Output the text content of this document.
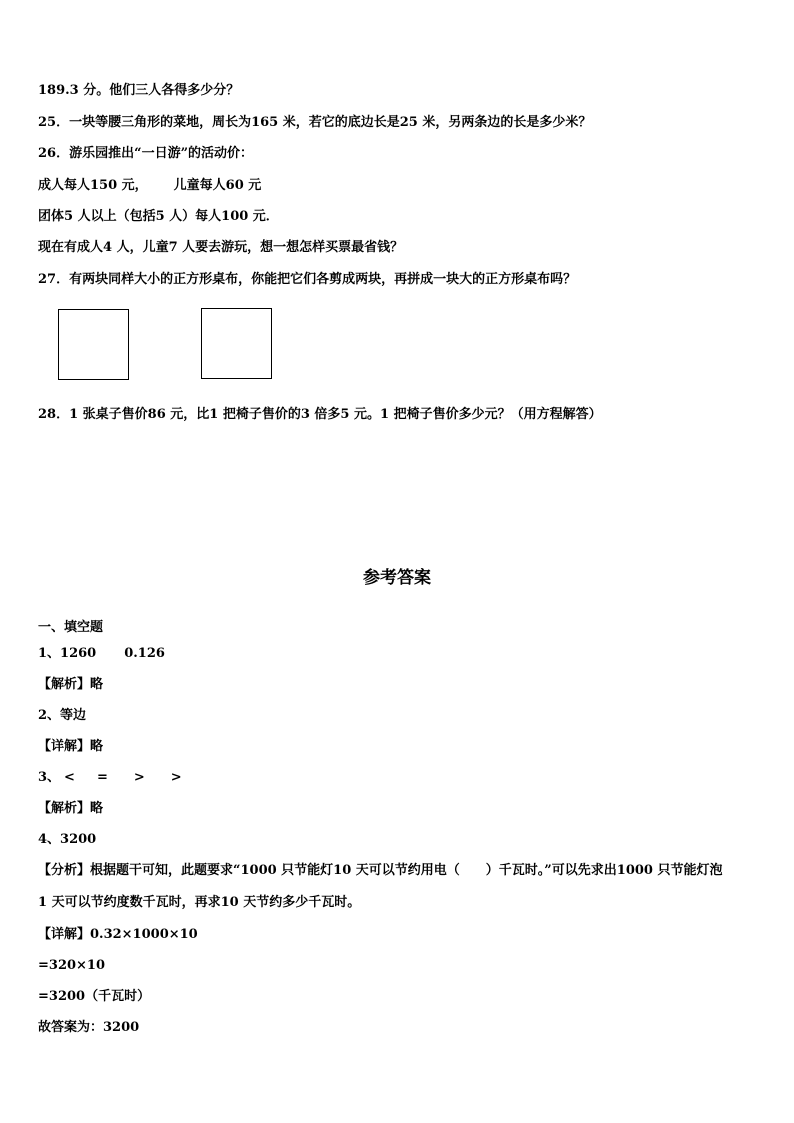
189.3 分。他们三人各得多少分？
25．一块等腰三角形的菜地，周长为165 米，若它的底边长是25 米，另两条边的长是多少米？
26．游乐园推出“一日游”的活动价：
成人每人150 元， 儿童每人60 元
团体5 人以上（包括5 人）每人100 元．
现在有成人4 人，儿童7 人要去游玩，想一想怎样买票最省钱？
27．有两块同样大小的正方形桌布，你能把它们各剪成两块，再拼成一块大的正方形桌布吗？
28．1 张桌子售价86 元，比1 把椅子售价的3 倍多5 元。1 把椅子售价多少元？（用方程解答）
参考答案
一、填空题
1、1260 0.126
【解析】略
2、等边
【详解】略
3、 < = > >
【解析】略
4、3200
【分析】根据题干可知，此题要求“1000 只节能灯10 天可以节约用电（　　）千瓦时。”可以先求出1000 只节能灯泡
1 天可以节约度数千瓦时，再求10 天节约多少千瓦时。
【详解】0.32×1000×10
=320×10
=3200（千瓦时）
故答案为：3200
